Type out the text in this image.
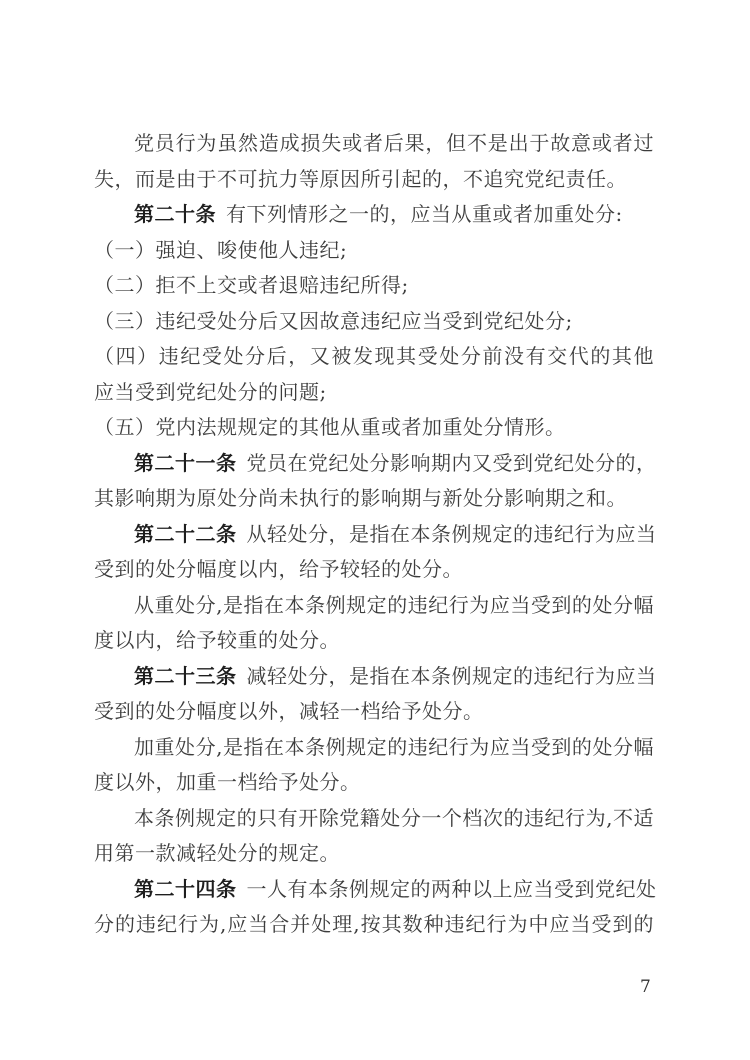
党员行为虽然造成损失或者后果，但不是出于故意或者过
失，而是由于不可抗力等原因所引起的，不追究党纪责任。
第二十条 有下列情形之一的，应当从重或者加重处分:
（一）强迫、唆使他人违纪;
（二）拒不上交或者退赔违纪所得;
（三）违纪受处分后又因故意违纪应当受到党纪处分;
（四）违纪受处分后，又被发现其受处分前没有交代的其他
应当受到党纪处分的问题;
（五）党内法规规定的其他从重或者加重处分情形。
第二十一条 党员在党纪处分影响期内又受到党纪处分的，
其影响期为原处分尚未执行的影响期与新处分影响期之和。
第二十二条 从轻处分，是指在本条例规定的违纪行为应当
受到的处分幅度以内，给予较轻的处分。
从重处分,是指在本条例规定的违纪行为应当受到的处分幅
度以内，给予较重的处分。
第二十三条 减轻处分，是指在本条例规定的违纪行为应当
受到的处分幅度以外，减轻一档给予处分。
加重处分,是指在本条例规定的违纪行为应当受到的处分幅
度以外，加重一档给予处分。
本条例规定的只有开除党籍处分一个档次的违纪行为,不适
用第一款减轻处分的规定。
第二十四条 一人有本条例规定的两种以上应当受到党纪处
分的违纪行为,应当合并处理,按其数种违纪行为中应当受到的
7
